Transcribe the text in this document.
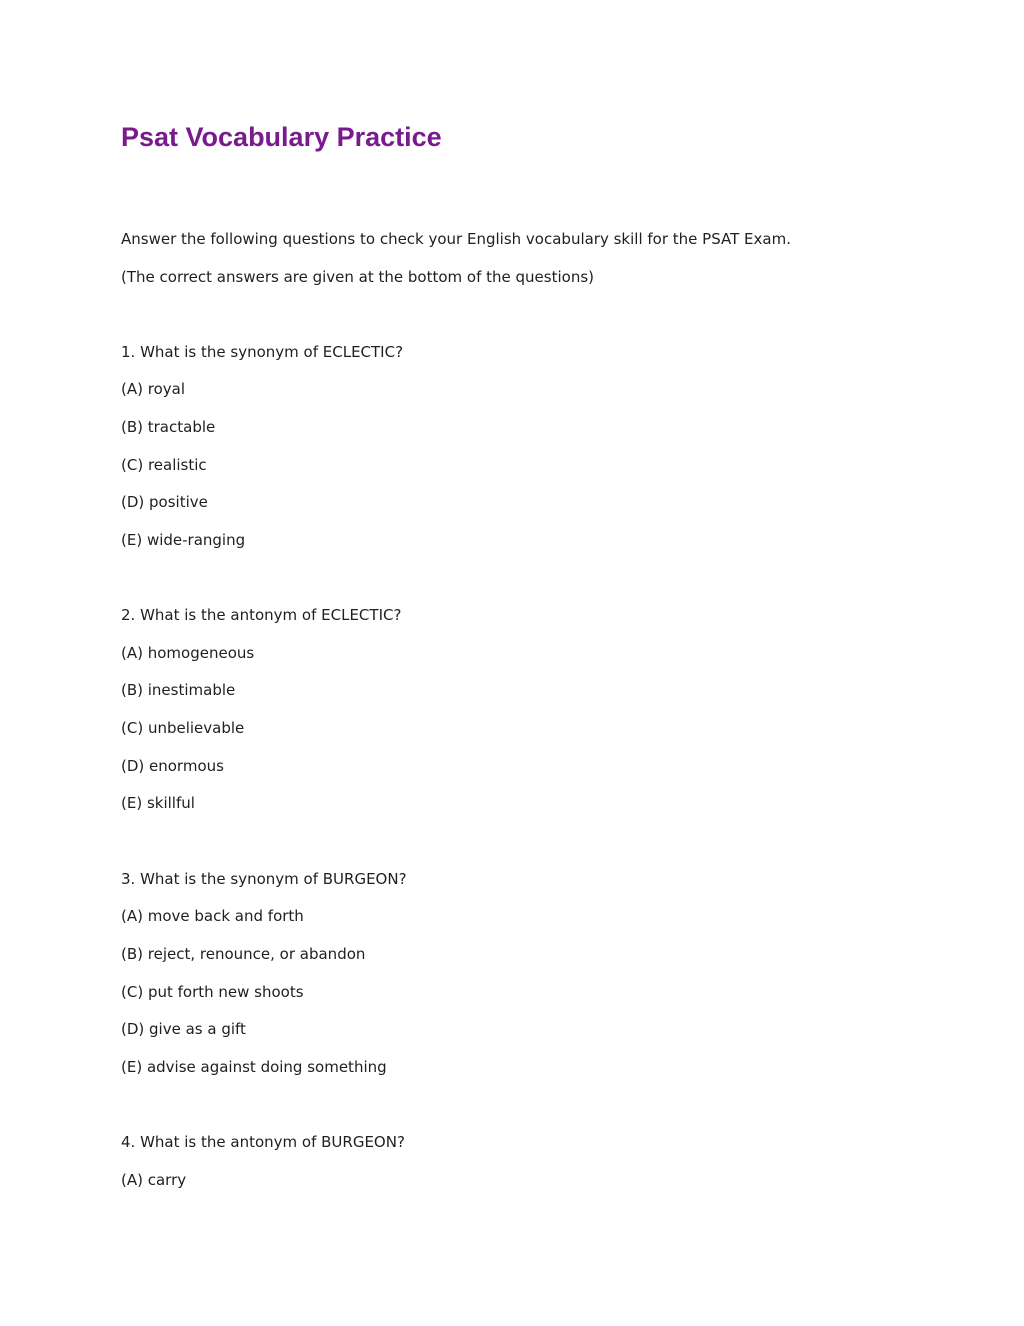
Psat Vocabulary Practice

Answer the following questions to check your English vocabulary skill for the PSAT Exam.

(The correct answers are given at the bottom of the questions)

1. What is the synonym of ECLECTIC?

(A) royal

(B) tractable

(C) realistic

(D) positive

(E) wide-ranging

2. What is the antonym of ECLECTIC?

(A) homogeneous

(B) inestimable

(C) unbelievable

(D) enormous

(E) skillful

3. What is the synonym of BURGEON?

(A) move back and forth

(B) reject, renounce, or abandon

(C) put forth new shoots

(D) give as a gift

(E) advise against doing something

4. What is the antonym of BURGEON?

(A) carry
